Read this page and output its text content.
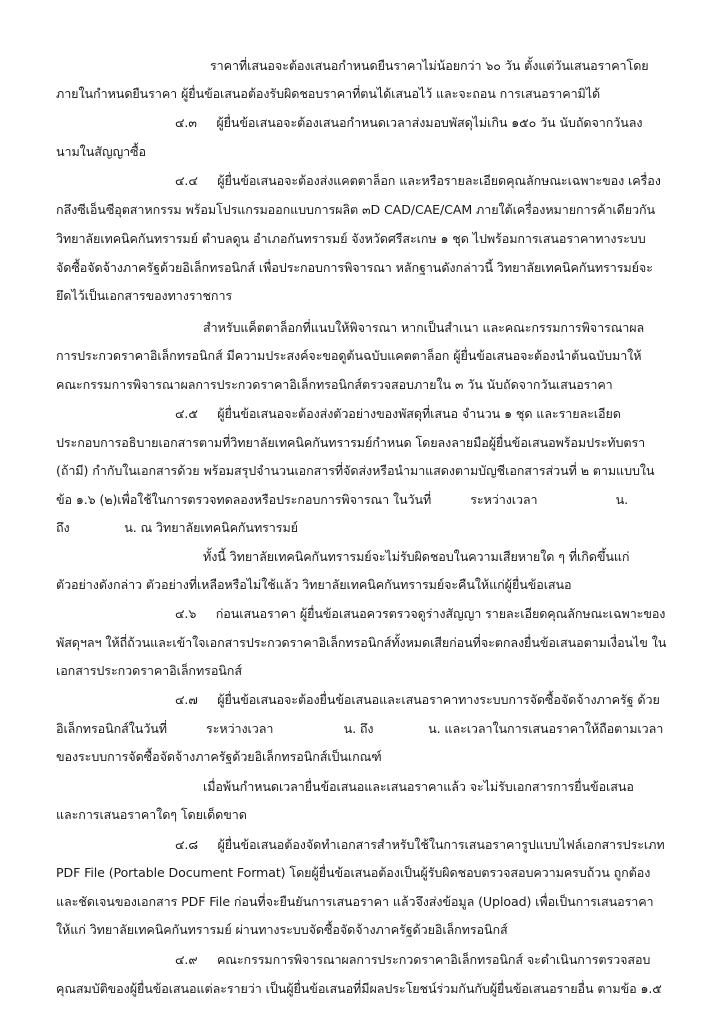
ราคาที่เสนอจะต้องเสนอกำหนดยืนราคาไม่น้อยกว่า ๖๐ วัน ตั้งแต่วันเสนอราคาโดย
ภายในกำหนดยืนราคา ผู้ยื่นข้อเสนอต้องรับผิดชอบราคาที่ตนได้เสนอไว้ และจะถอน การเสนอราคามิได้
๔.๓     ผู้ยื่นข้อเสนอจะต้องเสนอกำหนดเวลาส่งมอบพัสดุไม่เกิน ๑๕๐ วัน นับถัดจากวันลง
นามในสัญญาซื้อ
๔.๔     ผู้ยื่นข้อเสนอจะต้องส่งแคตตาล็อก และหรือรายละเอียดคุณลักษณะเฉพาะของ เครื่อง
กลึงซีเอ็นซีอุตสาหกรรม พร้อมโปรแกรมออกแบบการผลิต ๓D CAD/CAE/CAM ภายใต้เครื่องหมายการค้าเดียวกัน
วิทยาลัยเทคนิคกันทรารมย์ ตำบลดูน อำเภอกันทรารมย์ จังหวัดศรีสะเกษ ๑ ชุด ไปพร้อมการเสนอราคาทางระบบ
จัดซื้อจัดจ้างภาครัฐด้วยอิเล็กทรอนิกส์ เพื่อประกอบการพิจารณา หลักฐานดังกล่าวนี้ วิทยาลัยเทคนิคกันทรารมย์จะ
ยึดไว้เป็นเอกสารของทางราชการ
สำหรับแค็ตตาล็อกที่แนบให้พิจารณา หากเป็นสำเนา และคณะกรรมการพิจารณาผล
การประกวดราคาอิเล็กทรอนิกส์ มีความประสงค์จะขอดูต้นฉบับแคตตาล็อก ผู้ยื่นข้อเสนอจะต้องนำต้นฉบับมาให้
คณะกรรมการพิจารณาผลการประกวดราคาอิเล็กทรอนิกส์ตรวจสอบภายใน ๓ วัน นับถัดจากวันเสนอราคา
๔.๕     ผู้ยื่นข้อเสนอจะต้องส่งตัวอย่างของพัสดุที่เสนอ จำนวน ๑ ชุด และรายละเอียด
ประกอบการอธิบายเอกสารตามที่วิทยาลัยเทคนิคกันทรารมย์กำหนด โดยลงลายมือผู้ยื่นข้อเสนอพร้อมประทับตรา
(ถ้ามี) กำกับในเอกสารด้วย พร้อมสรุปจำนวนเอกสารที่จัดส่งหรือนำมาแสดงตามบัญชีเอกสารส่วนที่ ๒ ตามแบบใน
ข้อ ๑.๖ (๒)เพื่อใช้ในการตรวจทดลองหรือประกอบการพิจารณา ในวันที่          ระหว่างเวลา                    น.
ถึง              น. ณ วิทยาลัยเทคนิคกันทรารมย์
ทั้งนี้ วิทยาลัยเทคนิคกันทรารมย์จะไม่รับผิดชอบในความเสียหายใด ๆ ที่เกิดขึ้นแก่
ตัวอย่างดังกล่าว ตัวอย่างที่เหลือหรือไม่ใช้แล้ว วิทยาลัยเทคนิคกันทรารมย์จะคืนให้แก่ผู้ยื่นข้อเสนอ
๔.๖     ก่อนเสนอราคา ผู้ยื่นข้อเสนอควรตรวจดูร่างสัญญา รายละเอียดคุณลักษณะเฉพาะของ
พัสดุฯลฯ ให้ถี่ถ้วนและเข้าใจเอกสารประกวดราคาอิเล็กทรอนิกส์ทั้งหมดเสียก่อนที่จะตกลงยื่นข้อเสนอตามเงื่อนไข ใน
เอกสารประกวดราคาอิเล็กทรอนิกส์
๔.๗     ผู้ยื่นข้อเสนอจะต้องยื่นข้อเสนอและเสนอราคาทางระบบการจัดซื้อจัดจ้างภาครัฐ ด้วย
อิเล็กทรอนิกส์ในวันที่          ระหว่างเวลา                  น. ถึง              น. และเวลาในการเสนอราคาให้ถือตามเวลา
ของระบบการจัดซื้อจัดจ้างภาครัฐด้วยอิเล็กทรอนิกส์เป็นเกณฑ์
เมื่อพ้นกำหนดเวลายื่นข้อเสนอและเสนอราคาแล้ว จะไม่รับเอกสารการยื่นข้อเสนอ
และการเสนอราคาใดๆ โดยเด็ดขาด
๔.๘     ผู้ยื่นข้อเสนอต้องจัดทำเอกสารสำหรับใช้ในการเสนอราคารูปแบบไฟล์เอกสารประเภท
PDF File (Portable Document Format) โดยผู้ยื่นข้อเสนอต้องเป็นผู้รับผิดชอบตรวจสอบความครบถ้วน ถูกต้อง
และชัดเจนของเอกสาร PDF File ก่อนที่จะยืนยันการเสนอราคา แล้วจึงส่งข้อมูล (Upload) เพื่อเป็นการเสนอราคา
ให้แก่ วิทยาลัยเทคนิคกันทรารมย์ ผ่านทางระบบจัดซื้อจัดจ้างภาครัฐด้วยอิเล็กทรอนิกส์
๔.๙     คณะกรรมการพิจารณาผลการประกวดราคาอิเล็กทรอนิกส์ จะดำเนินการตรวจสอบ
คุณสมบัติของผู้ยื่นข้อเสนอแต่ละรายว่า เป็นผู้ยื่นข้อเสนอที่มีผลประโยชน์ร่วมกันกับผู้ยื่นข้อเสนอรายอื่น ตามข้อ ๑.๕
